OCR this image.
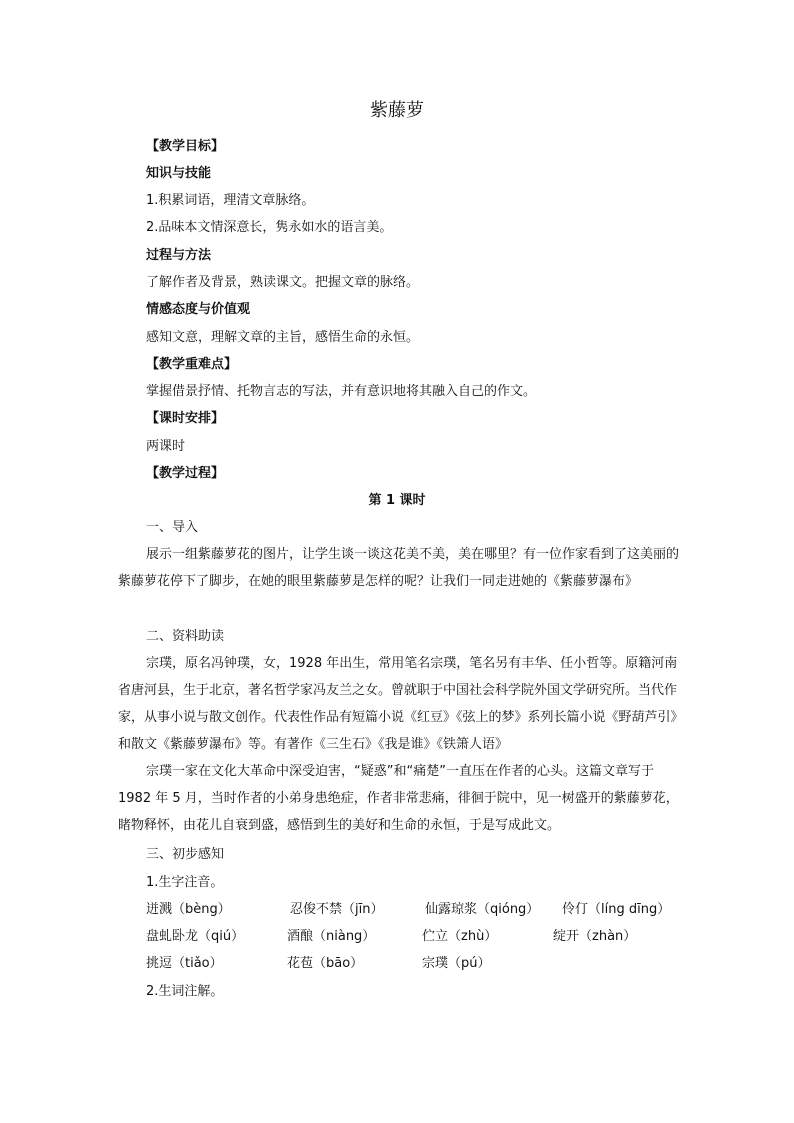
紫藤萝
【教学目标】
知识与技能
1.积累词语，理清文章脉络。
2.品味本文情深意长，隽永如水的语言美。
过程与方法
了解作者及背景，熟读课文。把握文章的脉络。
情感态度与价值观
感知文意，理解文章的主旨，感悟生命的永恒。
【教学重难点】
掌握借景抒情、托物言志的写法，并有意识地将其融入自己的作文。
【课时安排】
两课时
【教学过程】
第 1 课时
一、导入

展示一组紫藤萝花的图片，让学生谈一谈这花美不美，美在哪里？有一位作家看到了这美丽的紫藤萝花停下了脚步，在她的眼里紫藤萝是怎样的呢？让我们一同走进她的《紫藤萝瀑布》

二、资料助读

宗璞，原名冯钟璞，女，1928 年出生，常用笔名宗璞，笔名另有丰华、任小哲等。原籍河南省唐河县，生于北京，著名哲学家冯友兰之女。曾就职于中国社会科学院外国文学研究所。当代作家，从事小说与散文创作。代表性作品有短篇小说《红豆》《弦上的梦》系列长篇小说《野葫芦引》和散文《紫藤萝瀑布》等。有著作《三生石》《我是谁》《铁箫人语》

宗璞一家在文化大革命中深受迫害，“疑惑”和“痛楚”一直压在作者的心头。这篇文章写于 1982 年 5 月，当时作者的小弟身患绝症，作者非常悲痛，徘徊于院中，见一树盛开的紫藤萝花，睹物释怀，由花儿自衰到盛，感悟到生的美好和生命的永恒，于是写成此文。

三、初步感知
1.生字注音。
迸溅（bèng）	忍俊不禁（jīn）	仙露琼浆（qióng） 伶仃（líng dīng）
盘虬卧龙（qiú）	酒酿（niàng）	伫立（zhù）	绽开（zhàn）
挑逗（tiǎo）	花苞（bāo）	宗璞（pú）
2.生词注解。
